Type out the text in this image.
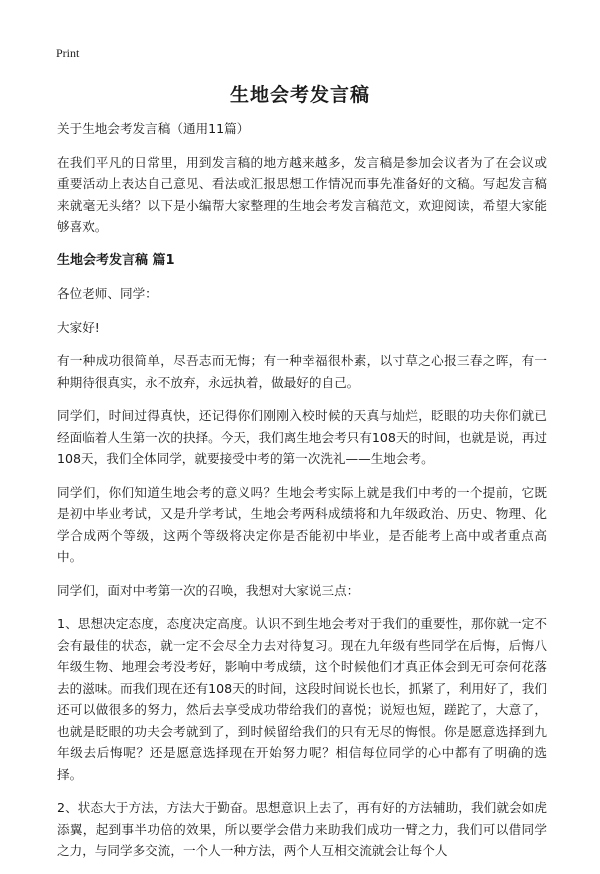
Print
生地会考发言稿

关于生地会考发言稿（通用11篇）

在我们平凡的日常里，用到发言稿的地方越来越多，发言稿是参加会议者为了在会议或重要活动上表达自己意见、看法或汇报思想工作情况而事先准备好的文稿。写起发言稿来就毫无头绪？以下是小编帮大家整理的生地会考发言稿范文，欢迎阅读，希望大家能够喜欢。

生地会考发言稿 篇1

各位老师、同学：

大家好!

有一种成功很简单，尽吾志而无悔；有一种幸福很朴素，以寸草之心报三春之晖，有一种期待很真实，永不放弃，永远执着，做最好的自己。

同学们，时间过得真快，还记得你们刚刚入校时候的天真与灿烂，眨眼的功夫你们就已经面临着人生第一次的抉择。今天，我们离生地会考只有108天的时间，也就是说，再过108天，我们全体同学，就要接受中考的第一次洗礼——生地会考。

同学们，你们知道生地会考的意义吗？生地会考实际上就是我们中考的一个提前，它既是初中毕业考试，又是升学考试，生地会考两科成绩将和九年级政治、历史、物理、化学合成两个等级，这两个等级将决定你是否能初中毕业，是否能考上高中或者重点高中。

同学们，面对中考第一次的召唤，我想对大家说三点：

1、思想决定态度，态度决定高度。认识不到生地会考对于我们的重要性，那你就一定不会有最佳的状态，就一定不会尽全力去对待复习。现在九年级有些同学在后悔，后悔八年级生物、地理会考没考好，影响中考成绩，这个时候他们才真正体会到无可奈何花落去的滋味。而我们现在还有108天的时间，这段时间说长也长，抓紧了，利用好了，我们还可以做很多的努力，然后去享受成功带给我们的喜悦；说短也短，蹉跎了，大意了，也就是眨眼的功夫会考就到了，到时候留给我们的只有无尽的悔恨。你是愿意选择到九年级去后悔呢？还是愿意选择现在开始努力呢？相信每位同学的心中都有了明确的选择。

2、状态大于方法，方法大于勤奋。思想意识上去了，再有好的方法辅助，我们就会如虎添翼，起到事半功倍的效果，所以要学会借力来助我们成功一臂之力，我们可以借同学之力，与同学多交流，一个人一种方法，两个人互相交流就会让每个人
